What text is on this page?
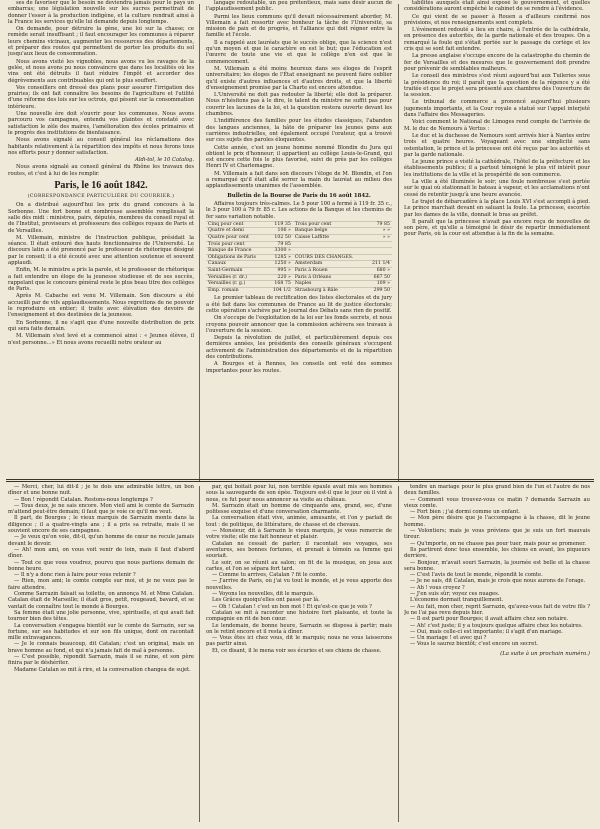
ses de favoriser que le besoin ne deviendra jamais pour le pays un embarras; une législation nouvelle sur les sucres permettrait de donner l'essor à la production indigène, et la culture rendrait ainsi à la France les services qu'elle lui demande depuis longtemps.

On demande, pour détruire la gène, une loi sur la chasse; ce remède serait insuffisant ; il faut encourager les communes à réparer leurs chemins vicinaux, augmenter les ressources des départements, et préparer des routes qui permettent de porter les produits du sol jusqu'aux lieux de consommation.

Nous avons visité les vignobles, nous avons vu les ravages de la gelée, et nous avons pu nous convaincre que dans les localités où les vins ont été détruits il faut réduire l'impôt et accorder des dégrèvements aux contribuables qui ont le plus souffert.

Vos conseillers ont dressé des plans pour assurer l'irrigation des prairies; ils ont fait connaître les besoins de l'agriculture et l'utilité d'une réforme des lois sur les octrois, qui pèsent sur la consommation intérieure.

Une nouvelle ère doit s'ouvrir pour les communes. Nous avons parcouru vos campagnes, entendu vos plaintes et constaté avec satisfaction le zèle des maires, l'amélioration des écoles primaires et le progrès des institutions de bienfaisance.

Nous avons signalé au conseil général les réclamations des habitants relativement à la répartition des impôts et nous ferons tous nos efforts pour y donner satisfaction.

Aldi-tol, le 10 Catalog.

Nous avons signalé au conseil général du Rhône les travaux des routes, et c'est à lui de les remplir.

Paris, le 16 août 1842.
(CORRESPONDANCE PARTICULIÈRE DU COURRIER.)

On a distribué aujourd'hui les prix du grand concours à la Sorbonne. Une fort bonne et nombreuse assemblée remplissait la salle dès midi : ministres, pairs, députés, membres du conseil royal et de l'Institut, proviseurs et professeurs des collèges royaux de Paris et de Versailles.

M. Villemain, ministre de l'instruction publique, présidait la séance. Il était entouré des hauts fonctionnaires de l'Université. Le discours latin a été prononcé par le professeur de rhétorique désigné par le conseil; il a été écouté avec une attention soutenue et souvent applaudi.

Enfin, M. le ministre a pris la parole, et le professeur de rhétorique a fait entendre un éloge de la jeunesse studieuse et de ses succès, rappelant que le concours général reste le plus beau titre des collèges de Paris.

Après M. Cabache est venu M. Villemain. Son discours a été accueilli par de vifs applaudissements. Nous regrettons de ne pouvoir le reproduire en entier; il traite avec élévation des devoirs de l'enseignement et des destinées de la jeunesse.

En Sorbonne, il ne s'agit que d'une nouvelle distribution de prix qui sera faite demain.

M. Villemain s'est levé et a commencé ainsi : « Jeunes élèves, il n'est personne...» Et nous avons recueilli notre orateur au

langage redoutable, un peu prétentieux, mais sans désir aucun de l'applaudissement public.

Parmi les lieux communs qu'il devait nécessairement aborder, M. Villemain a fait ressortir avec bonheur la tâche de l'Université, sa mission de paix et de progrès, et l'alliance qui doit régner entre la famille et l'école.

Il a rappelé aux lauréats que le succès oblige, que la science n'est qu'un moyen et que le caractère en est le but; que l'éducation est l'œuvre de toute une vie et que le collège n'en est que le commencement.

M. Villemain a été moins heureux dans ses éloges de l'esprit universitaire; les éloges de l'État enseignant ne peuvent faire oublier qu'il existe d'autres influences et d'autres droits, et que la liberté d'enseignement promise par la Charte est encore attendue.

L'Université ne doit pas redouter la liberté; elle doit la préparer. Nous n'hésitons pas à le dire, le talent du ministre ne suffit pas pour couvrir les lacunes de la loi, et la question restera ouverte devant les chambres.

L'indifférence des familles pour les études classiques, l'abandon des langues anciennes, la hâte de préparer les jeunes gens aux carrières industrielles, ont également occupé l'orateur, qui a trouvé sur ces sujets des paroles éloquentes.

Cette année, c'est un jeune homme nommé Blondin du Jura qui obtient le prix d'honneur; il appartient au collège Louis-le-Grand, qui est encore cette fois le plus favorisé, suivi de près par les collèges Henri IV et Charlemagne.

M. Villemain a fait dans son discours l'éloge de M. Blondin, et l'on a remarqué qu'il était allé serrer la main du lauréat au milieu des applaudissements unanimes de l'assemblée.

Bulletin de la Bourse de Paris du 16 août 1842.

Affaires toujours très-calmes. Le 5 pour 100 a fermé à 119 fr. 35 c., le 3 pour 100 à 79 fr. 85 c. Les actions de la Banque et les chemins de fer sans variation notable.

Cinq pour cent	119 35	Trois pour cent	79 85
Quatre et demi	106 »	Banque belge	» »
Quatre pour cent	102 50	Caisse Laffitte	» »
Trois pour cent	79 85		
Banque de France	3300 »		
Obligations de Paris	1285 »	COURS DES CHANGES.	
Canaux	1250 »	Amsterdam	211 1/4
Saint-Germain	995 »	Paris à Rouen	680 »
Versailles (r. dr.)	220 »	Paris à Orléans	667 50
Versailles (r. g.)	168 75	Naples	109 »
Emp. romain	104 1/2	Strasbourg à Bâle	299 50

Le premier tableau de rectification des listes électorales et du jury a été fait dans les communes de France au lit de justice électorale; cette opération s'achève par le journal des Débats sans rien de positif.

On s'occupe de l'exploitation de la loi sur les fonds secrets, et nous croyons pouvoir annoncer que la commission achèvera ses travaux à l'ouverture de la session.

Depuis la révolution de juillet, et particulièrement depuis ces dernières années, les présidents des conseils généraux s'occupent activement de l'administration des départements et de la répartition des contributions.

A Bourges et à Rennes, les conseils ont voté des sommes importantes pour les routes.

tabilités auxquels était ainsi exposé le gouvernement, et quelles considérations auront empêché le cabinet de se rendre à l'évidence.

Ce qui vient de se passer à Rouen a d'ailleurs confirmé nos prévisions, et nos renseignements sont complets.

L'événement redouté a lieu en chaire, à l'entrée de la cathédrale, en présence des autorités, de la garde nationale et des troupes. On a remarqué la foule qui s'était portée sur le passage du cortège et les cris qui se sont fait entendre.

La presse anglaise s'occupe encore de la catastrophe du chemin de fer de Versailles et des mesures que le gouvernement doit prendre pour prévenir de semblables malheurs.

Le conseil des ministres s'est réuni aujourd'hui aux Tuileries sous la présidence du roi; il paraît que la question de la régence y a été traitée et que le projet sera présenté aux chambres dès l'ouverture de la session.

Le tribunal de commerce a prononcé aujourd'hui plusieurs jugements importants, et la Cour royale a statué sur l'appel interjeté dans l'affaire des Messageries.

Voici comment le National de Limoges rend compte de l'arrivée de M. le duc de Nemours à Vertus :

Le duc et la duchesse de Nemours sont arrivés hier à Nantes entre trois et quatre heures. Voyageant avec une simplicité sans ostentation, le prince et la princesse ont été reçus par les autorités et par la garde nationale.

Le jeune prince a visité la cathédrale, l'hôtel de la préfecture et les établissements publics; il a partout témoigné le plus vif intérêt pour les institutions de la ville et la prospérité de son commerce.

La ville a été illuminée le soir; une foule nombreuse s'est portée sur le quai où stationnait le bateau à vapeur, et les acclamations n'ont cessé de retentir jusqu'à une heure avancée.

Le trajet de débarcadère à la place Louis XVI s'est accompli à pied. Le prince marchait devant en saluant la foule. La princesse, escortée par les dames de la ville, donnait le bras au préfet.

Il paraît que la princesse n'avait pas encore reçu de nouvelles de son père, et qu'elle a témoigné le désir de repartir immédiatement pour Paris, où la cour est attendue à la fin de la semaine.

— Merci, cher, lui dit-il ; je te dois une admirable lettre, un bon dîner et une bonne nuit.

— Bon ! répondit Catalan. Restons-nous longtemps ?

— Tous deux, je ne sais encore. Mon vieil ami le comte de Sarrazin m'attend peut-être demain; il faut que je voie ce qu'il me veut.

Il part, de Bourges ; le vieux marquis de Sarrazin monte dans la diligence ; il a quatre-vingts ans ; il a pris sa retraite, mais il se souvient encore de ses campagnes.

— Je veux qu'on voie, dit-il, qu'un homme de cœur ne recule jamais devant le devoir.

— Ah! mon ami, on vous voit venir de loin, mais il faut d'abord dîner.

— Tout ce que vous voudrez, pourvu que nous partions demain de bonne heure.

— Il n'y a donc rien à faire pour vous retenir ?

— Rien, mon ami; le comte compte sur moi, et je ne veux pas le faire attendre.

Comme Sarrazin faisait sa toilette, on annonça M. et Mme Catalan. Catalan était de Marseille; il était gros, petit, rougeaud, bavard, et se vantait de connaître tout le monde à Bourges.

Sa femme était une jolie personne, vive, spirituelle, et qui avait fait tourner bien des têtes.

La conversation s'engagea bientôt sur le comte de Sarrazin, sur sa fortune, sur ses habitudes et sur son fils unique, dont on racontait mille extravagances.

— Je le connais beaucoup, dit Catalan; c'est un original, mais un brave homme au fond, et qui n'a jamais fait de mal à personne.

— C'est possible, répondit Sarrazin, mais il se ruine, et son père finira par le déshériter.

Madame Catalan se mit à rire, et la conversation changea de sujet.

par, qui boitait pour lui, non terrible épaule avait mis ses hommes sous la sauvegarde de son épée. Toujours est-il que le jour où il vint à nous, ce fut pour nous annoncer sa visite au château.

M. Sarrazin était un homme de cinquante ans, grand, sec, d'une politesse exquise et d'une conversation charmante.

La conversation était vive, animée, amusante, et l'on y parlait de tout : de politique, de littérature, de chasse et de chevaux.

— Monsieur, dit à Sarrazin le vieux marquis, je vous remercie de votre visite; elle me fait honneur et plaisir.

Catalan ne cessait de parler; il racontait ses voyages, ses aventures, ses bonnes fortunes, et prenait à témoin sa femme qui souriait.

Le soir, on se réunit au salon; on fit de la musique, on joua aux cartes, et l'on se sépara fort tard.

— Comme tu arrives, Catalan ? fit le comte.

— J'arrive de Paris, où j'ai vu tout le monde, et je vous apporte des nouvelles.

— Voyons les nouvelles, dit le marquis.

Les Grâces quoiqu'elles ont passé par là.

— Oh ! Catalan ! c'est un bon mot ! Et qu'est-ce que je vois ?

Catalan se mit à raconter une histoire fort plaisante, et toute la compagnie en rit de bon cœur.

Le lendemain, de bonne heure, Sarrazin se disposa à partir; mais on le retint encore et il resta à dîner.

— Vous êtes ici chez vous, dit le marquis; nous ne vous laisserons pas partir ainsi.

Et, ce disant, il le mena voir ses écuries et ses chiens de chasse.

tendre un mariage pour le plus grand bien de l'un et l'autre de nos deux familles.

— Comment vous trouvez-vous ce matin ? demanda Sarrazin au vieux comte.

— Fort bien ; j'ai dormi comme un enfant.

— Mon père désire que je l'accompagne à la chasse, dit le jeune homme.

— Volontiers; mais je vous préviens que je suis un fort mauvais tireur.

— Qu'importe, on ne chasse pas pour tuer, mais pour se promener.

Ils partirent donc tous ensemble, les chiens en avant, les piqueurs derrière.

— Bonjour, m'avait souri Sarrazin, la journée est belle et la chasse sera bonne.

— C'est l'avis de tout le monde, répondit le comte.

— Je ne sais, dit Catalan, mais je crois que nous aurons de l'orage.

— Ah ! vous croyez ?

— J'en suis sûr; voyez ces nuages.

L'économe dormait tranquillement.

— Au fait, mon cher, reprit Sarrazin, qu'avez-vous fait de votre fils ? Je ne l'ai pas revu depuis hier.

— Il est parti pour Bourges; il avait affaire chez son notaire.

— Ah! c'est juste; il y a toujours quelque affaire chez les notaires.

— Oui, mais celle-ci est importante; il s'agit d'un mariage.

— Un mariage ! et avec qui ?

— Vous le saurez bientôt; c'est encore un secret.

(La suite à un prochain numéro.)
